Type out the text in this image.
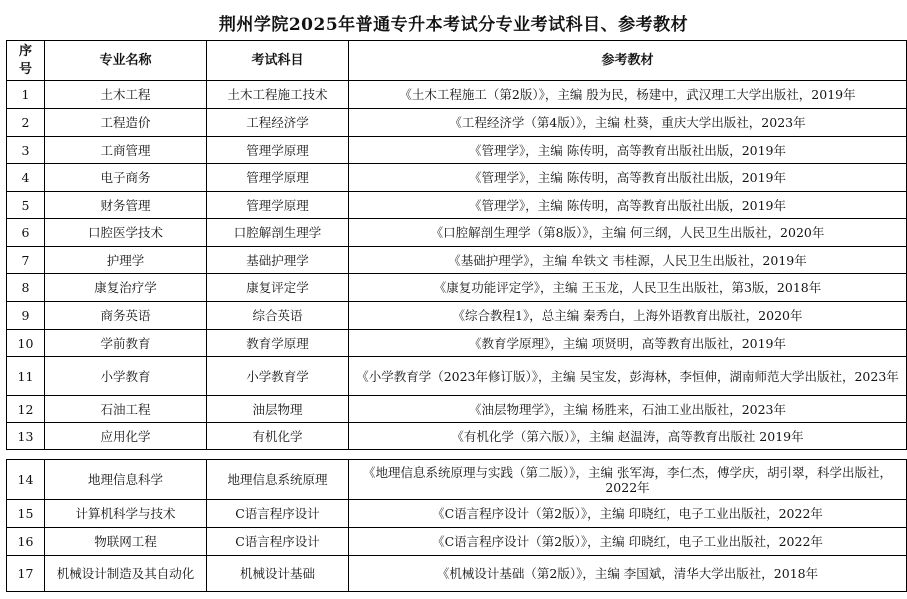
荆州学院2025年普通专升本考试分专业考试科目、参考教材
序
号	专业名称	考试科目	参考教材
1	土木工程	土木工程施工技术	《土木工程施工（第2版）》，主编 殷为民，杨建中，武汉理工大学出版社，2019年
2	工程造价	工程经济学	《工程经济学（第4版）》，主编 杜葵，重庆大学出版社，2023年
3	工商管理	管理学原理	《管理学》，主编 陈传明，高等教育出版社出版，2019年
4	电子商务	管理学原理	《管理学》，主编 陈传明，高等教育出版社出版，2019年
5	财务管理	管理学原理	《管理学》，主编 陈传明，高等教育出版社出版，2019年
6	口腔医学技术	口腔解剖生理学	《口腔解剖生理学（第8版）》，主编 何三纲，人民卫生出版社，2020年
7	护理学	基础护理学	《基础护理学》，主编 牟铁文 韦桂源，人民卫生出版社，2019年
8	康复治疗学	康复评定学	《康复功能评定学》，主编 王玉龙，人民卫生出版社，第3版，2018年
9	商务英语	综合英语	《综合教程1》，总主编 秦秀白，上海外语教育出版社，2020年
10	学前教育	教育学原理	《教育学原理》，主编 项贤明，高等教育出版社，2019年
11	小学教育	小学教育学	《小学教育学（2023年修订版）》，主编 吴宝发，彭海林，李恒伸，湖南师范大学出版社，2023年
12	石油工程	油层物理	《油层物理学》，主编 杨胜来，石油工业出版社，2023年
13	应用化学	有机化学	《有机化学（第六版）》，主编 赵温涛，高等教育出版社 2019年
14	地理信息科学	地理信息系统原理	《地理信息系统原理与实践（第二版）》，主编 张军海，李仁杰，傅学庆，胡引翠，科学出版社，2022年
15	计算机科学与技术	C语言程序设计	《C语言程序设计（第2版）》，主编 印晓红，电子工业出版社，2022年
16	物联网工程	C语言程序设计	《C语言程序设计（第2版）》，主编 印晓红，电子工业出版社，2022年
17	机械设计制造及其自动化	机械设计基础	《机械设计基础（第2版）》，主编 李国斌，清华大学出版社，2018年
